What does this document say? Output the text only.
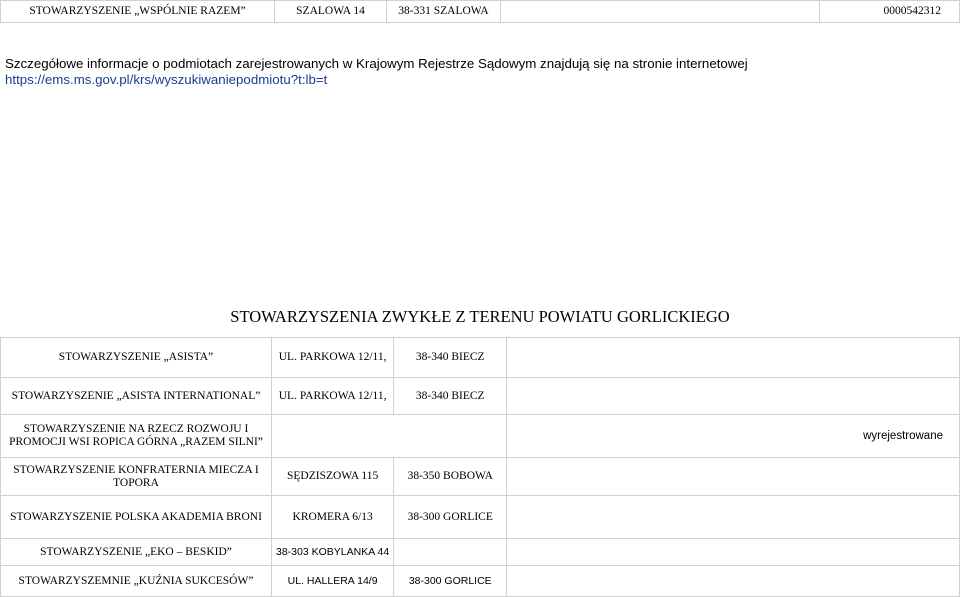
STOWARZYSZENIE „WSPÓLNIE RAZEM”	SZALOWA 14	38-331 SZALOWA		0000542312
Szczegółowe informacje o podmiotach zarejestrowanych w Krajowym Rejestrze Sądowym znajdują się na stronie internetowej
https://ems.ms.gov.pl/krs/wyszukiwaniepodmiotu?t:lb=t
STOWARZYSZENIA ZWYKŁE Z TERENU POWIATU GORLICKIEGO
STOWARZYSZENIE „ASISTA”	UL. PARKOWA 12/11,	38-340 BIECZ	
STOWARZYSZENIE „ASISTA INTERNATIONAL”	UL. PARKOWA 12/11,	38-340 BIECZ	
STOWARZYSZENIE NA RZECZ ROZWOJU I PROMOCJI WSI ROPICA GÓRNA „RAZEM SILNI”			wyrejestrowane
STOWARZYSZENIE KONFRATERNIA MIECZA I TOPORA	SĘDZISZOWA 115	38-350 BOBOWA	
STOWARZYSZENIE POLSKA AKADEMIA BRONI	KROMERA 6/13	38-300 GORLICE	
STOWARZYSZENIE „EKO – BESKID”	38-303 KOBYLANKA 44		
STOWARZYSZEMNIE „KUŹNIA SUKCESÓW”	UL. HALLERA 14/9	38-300 GORLICE	
